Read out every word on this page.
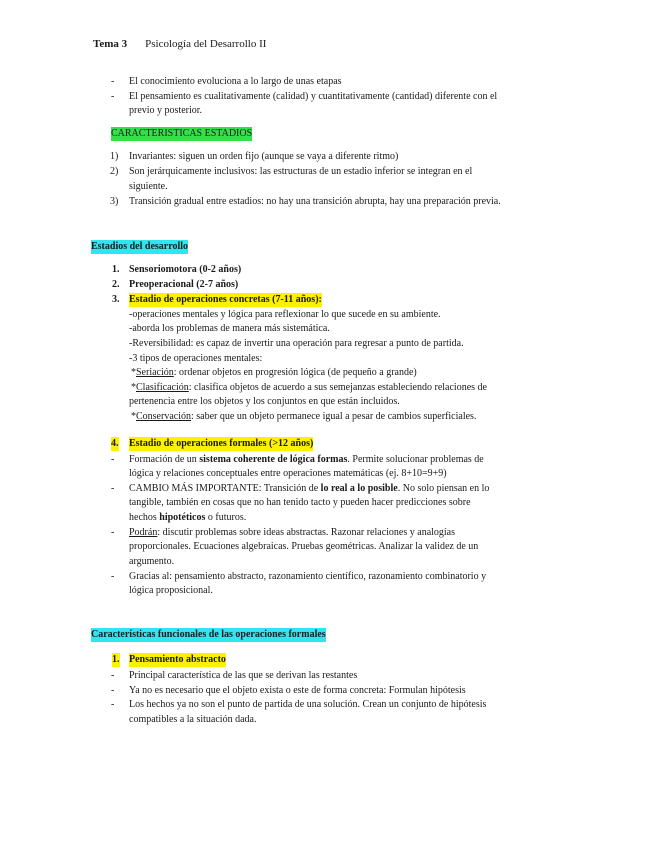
Tema 3 Psicología del Desarrollo II
- El conocimiento evoluciona a lo largo de unas etapas
- El pensamiento es cualitativamente (calidad) y cuantitativamente (cantidad) diferente con el
previo y posterior.
CARACTERISTICAS ESTADIOS
1) Invariantes: siguen un orden fijo (aunque se vaya a diferente ritmo)
2) Son jerárquicamente inclusivos: las estructuras de un estadio inferior se integran en el
siguiente.
3) Transición gradual entre estadios: no hay una transición abrupta, hay una preparación previa.
Estadios del desarrollo
1. Sensoriomotora (0-2 años)
2. Preoperacional (2-7 años)
3. Estadio de operaciones concretas (7-11 años):
-operaciones mentales y lógica para reflexionar lo que sucede en su ambiente.
-aborda los problemas de manera más sistemática.
-Reversibilidad: es capaz de invertir una operación para regresar a punto de partida.
-3 tipos de operaciones mentales:
*Seriación: ordenar objetos en progresión lógica (de pequeño a grande)
*Clasificación: clasifica objetos de acuerdo a sus semejanzas estableciendo relaciones de
pertenencia entre los objetos y los conjuntos en que están incluidos.
*Conservación: saber que un objeto permanece igual a pesar de cambios superficiales.
4. Estadio de operaciones formales (>12 años)
- Formación de un sistema coherente de lógica formas. Permite solucionar problemas de
lógica y relaciones conceptuales entre operaciones matemáticas (ej. 8+10=9+9)
- CAMBIO MÁS IMPORTANTE: Transición de lo real a lo posible. No solo piensan en lo
tangible, también en cosas que no han tenido tacto y pueden hacer predicciones sobre
hechos hipotéticos o futuros.
- Podrán: discutir problemas sobre ideas abstractas. Razonar relaciones y analogías
proporcionales. Ecuaciones algebraicas. Pruebas geométricas. Analizar la validez de un
argumento.
- Gracias al: pensamiento abstracto, razonamiento científico, razonamiento combinatorio y
lógica proposicional.
Características funcionales de las operaciones formales
1. Pensamiento abstracto
- Principal característica de las que se derivan las restantes
- Ya no es necesario que el objeto exista o este de forma concreta: Formulan hipótesis
- Los hechos ya no son el punto de partida de una solución. Crean un conjunto de hipótesis
compatibles a la situación dada.
